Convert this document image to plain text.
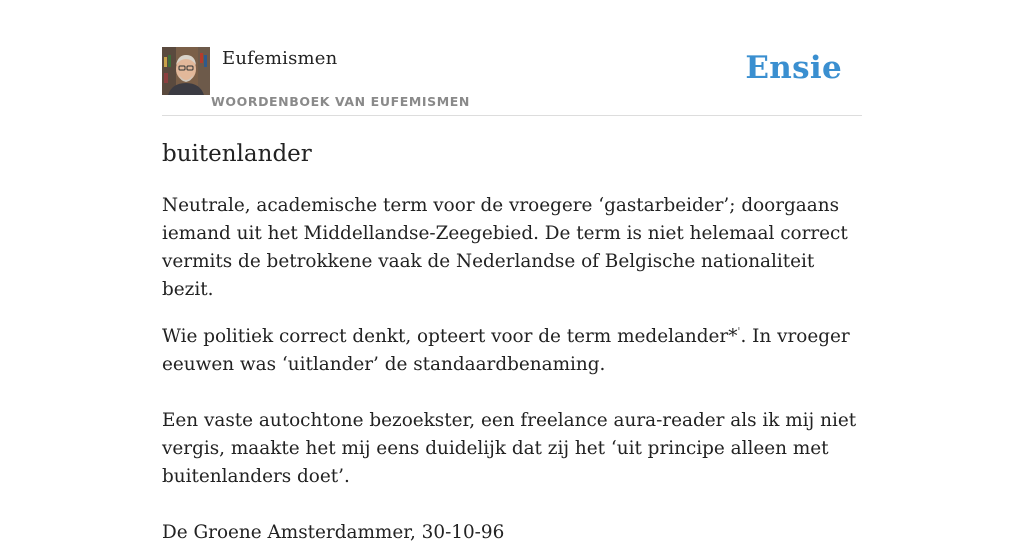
Eufemismen
WOORDENBOEK VAN EUFEMISMEN
Ensie
buitenlander

Neutrale, academische term voor de vroegere ‘gastarbeider’; doorgaans iemand uit het Middellandse-Zeegebied. De term is niet helemaal correct vermits de betrokkene vaak de Nederlandse of Belgische nationaliteit bezit.

Wie politiek correct denkt, opteert voor de term medelander*'. In vroeger eeuwen was ‘uitlander’ de standaardbenaming.

Een vaste autochtone bezoekster, een freelance aura-reader als ik mij niet vergis, maakte het mij eens duidelijk dat zij het ‘uit principe alleen met buitenlanders doet’.

De Groene Amsterdammer, 30-10-96
